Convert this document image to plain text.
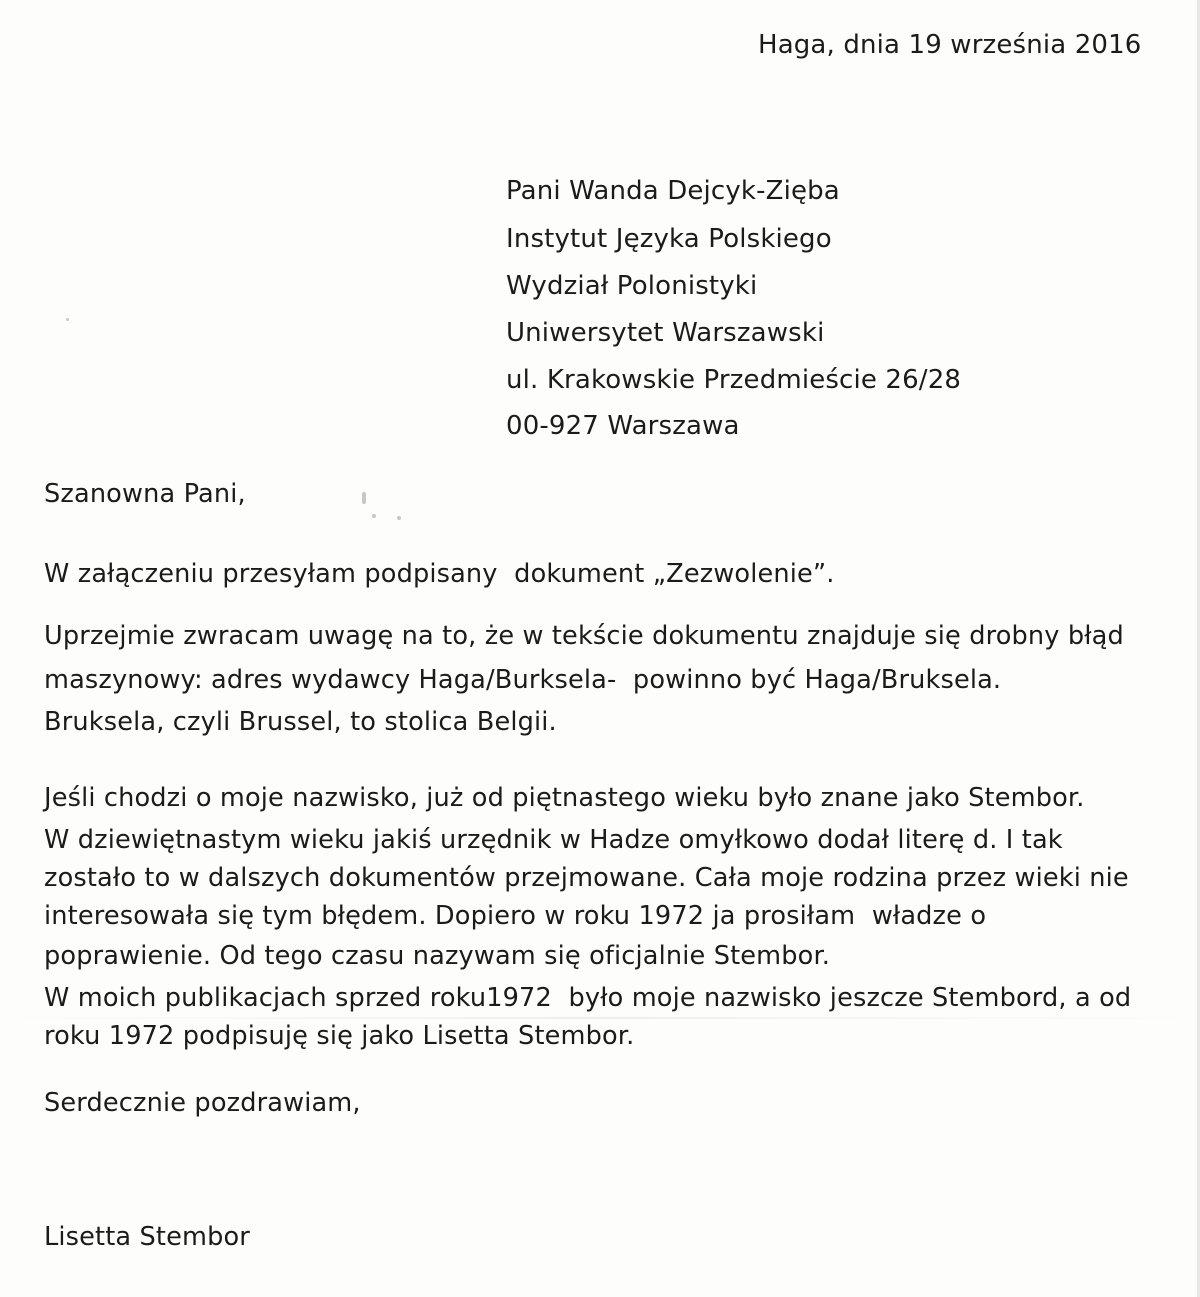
Haga, dnia 19 września 2016
Pani Wanda Dejcyk-Zięba
Instytut Języka Polskiego
Wydział Polonistyki
Uniwersytet Warszawski
ul. Krakowskie Przedmieście 26/28
00-927 Warszawa
Szanowna Pani,
W załączeniu przesyłam podpisany  dokument „Zezwolenie”.
Uprzejmie zwracam uwagę na to, że w tekście dokumentu znajduje się drobny błąd
maszynowy: adres wydawcy Haga/Burksela-  powinno być Haga/Bruksela.
Bruksela, czyli Brussel, to stolica Belgii.
Jeśli chodzi o moje nazwisko, już od piętnastego wieku było znane jako Stembor.
W dziewiętnastym wieku jakiś urzędnik w Hadze omyłkowo dodał literę d. I tak
zostało to w dalszych dokumentów przejmowane. Cała moje rodzina przez wieki nie
interesowała się tym błędem. Dopiero w roku 1972 ja prosiłam  władze o
poprawienie. Od tego czasu nazywam się oficjalnie Stembor.
W moich publikacjach sprzed roku1972  było moje nazwisko jeszcze Stembord, a od
roku 1972 podpisuję się jako Lisetta Stembor.
Serdecznie pozdrawiam,
Lisetta Stembor
